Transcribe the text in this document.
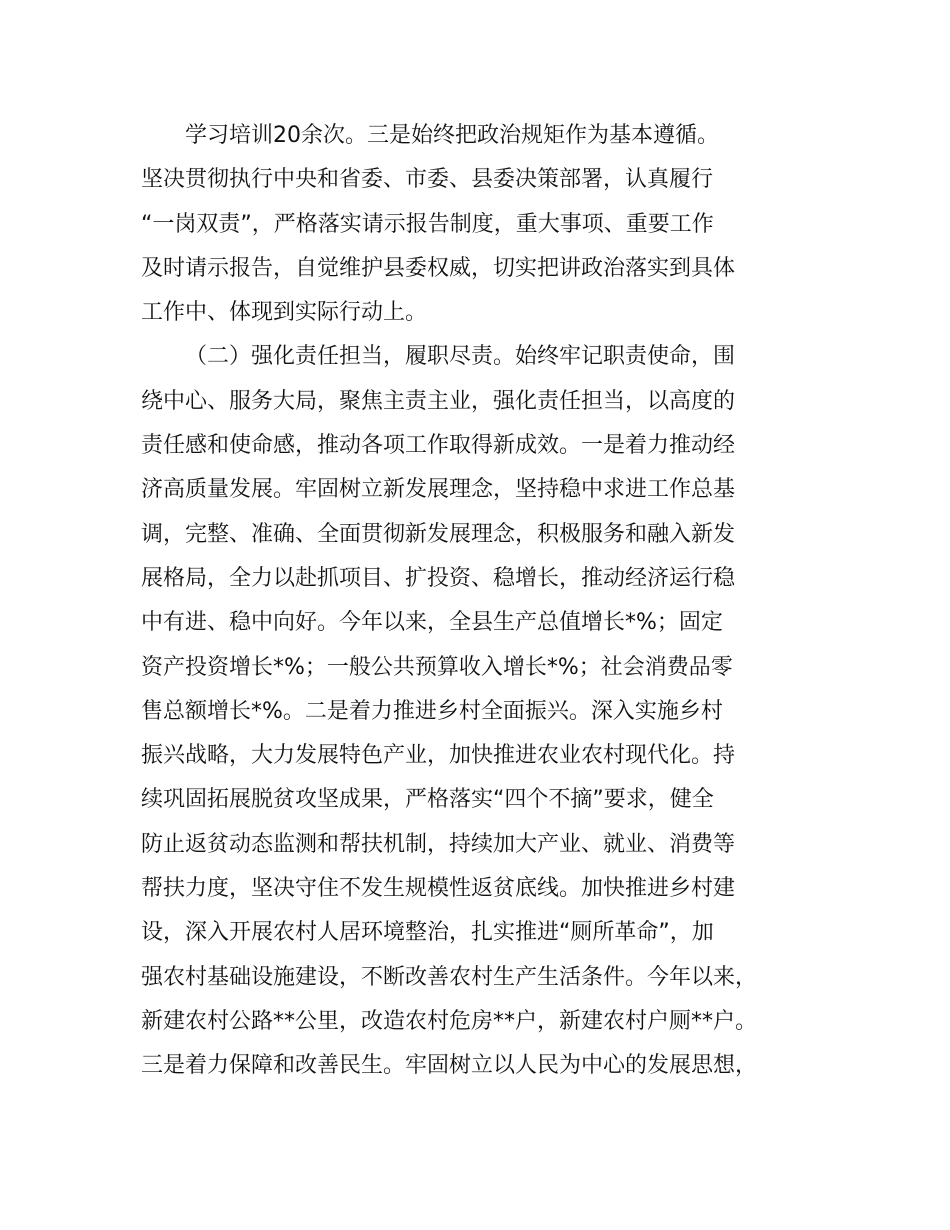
学习培训20余次。三是始终把政治规矩作为基本遵循。
坚决贯彻执行中央和省委、市委、县委决策部署，认真履行
“一岗双责”，严格落实请示报告制度，重大事项、重要工作
及时请示报告，自觉维护县委权威，切实把讲政治落实到具体
工作中、体现到实际行动上。
（二）强化责任担当，履职尽责。始终牢记职责使命，围
绕中心、服务大局，聚焦主责主业，强化责任担当，以高度的
责任感和使命感，推动各项工作取得新成效。一是着力推动经
济高质量发展。牢固树立新发展理念，坚持稳中求进工作总基
调，完整、准确、全面贯彻新发展理念，积极服务和融入新发
展格局，全力以赴抓项目、扩投资、稳增长，推动经济运行稳
中有进、稳中向好。今年以来，全县生产总值增长*%；固定
资产投资增长*%；一般公共预算收入增长*%；社会消费品零
售总额增长*%。二是着力推进乡村全面振兴。深入实施乡村
振兴战略，大力发展特色产业，加快推进农业农村现代化。持
续巩固拓展脱贫攻坚成果，严格落实“四个不摘”要求，健全
防止返贫动态监测和帮扶机制，持续加大产业、就业、消费等
帮扶力度，坚决守住不发生规模性返贫底线。加快推进乡村建
设，深入开展农村人居环境整治，扎实推进“厕所革命”，加
强农村基础设施建设，不断改善农村生产生活条件。今年以来，
新建农村公路**公里，改造农村危房**户，新建农村户厕**户。
三是着力保障和改善民生。牢固树立以人民为中心的发展思想，
